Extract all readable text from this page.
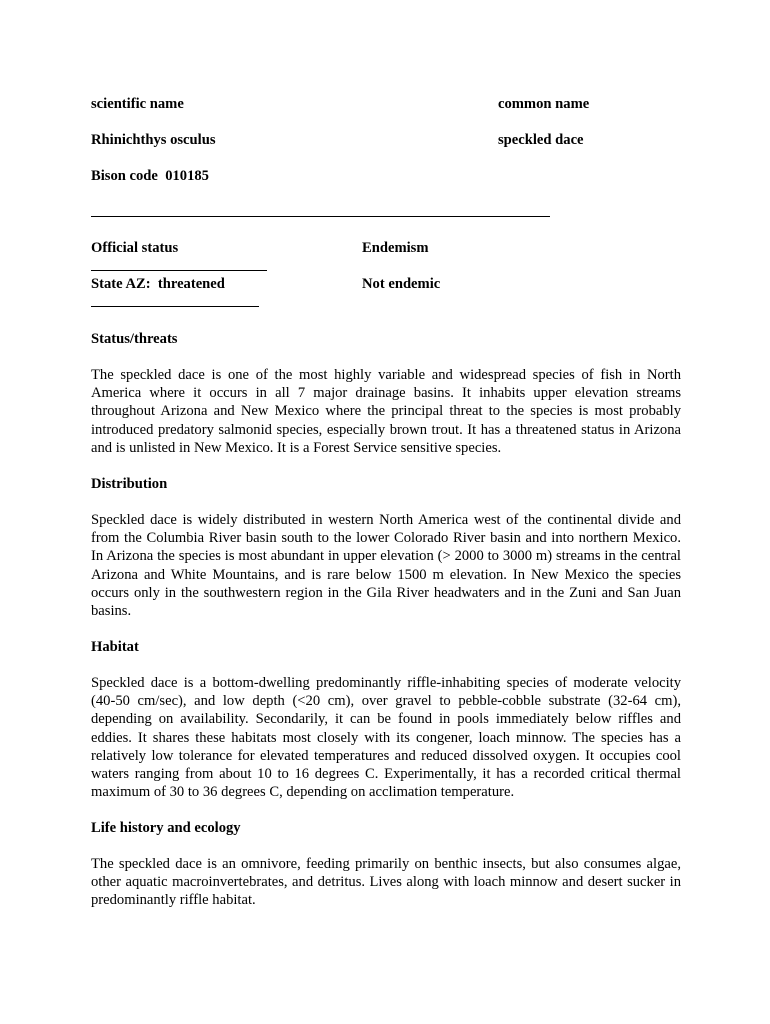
scientific name	common name
Rhinichthys osculus	speckled dace
Bison code  010185
Official status	Endemism
State AZ:  threatened	Not endemic
Status/threats

The speckled dace is one of the most highly variable and widespread species of fish in North America where it occurs in all 7 major drainage basins. It inhabits upper elevation streams throughout Arizona and New Mexico where the principal threat to the species is most probably introduced predatory salmonid species, especially brown trout. It has a threatened status in Arizona and is unlisted in New Mexico. It is a Forest Service sensitive species.

Distribution

Speckled dace is widely distributed in western North America west of the continental divide and from the Columbia River basin south to the lower Colorado River basin and into northern Mexico. In Arizona the species is most abundant in upper elevation (> 2000 to 3000 m) streams in the central Arizona and White Mountains, and is rare below 1500 m elevation. In New Mexico the species occurs only in the southwestern region in the Gila River headwaters and in the Zuni and San Juan basins.

Habitat

Speckled dace is a bottom-dwelling predominantly riffle-inhabiting species of moderate velocity (40-50 cm/sec), and low depth (<20 cm), over gravel to pebble-cobble substrate (32-64 cm), depending on availability. Secondarily, it can be found in pools immediately below riffles and eddies. It shares these habitats most closely with its congener, loach minnow. The species has a relatively low tolerance for elevated temperatures and reduced dissolved oxygen. It occupies cool waters ranging from about 10 to 16 degrees C. Experimentally, it has a recorded critical thermal maximum of 30 to 36 degrees C, depending on acclimation temperature.

Life history and ecology

The speckled dace is an omnivore, feeding primarily on benthic insects, but also consumes algae, other aquatic macroinvertebrates, and detritus. Lives along with loach minnow and desert sucker in predominantly riffle habitat.
